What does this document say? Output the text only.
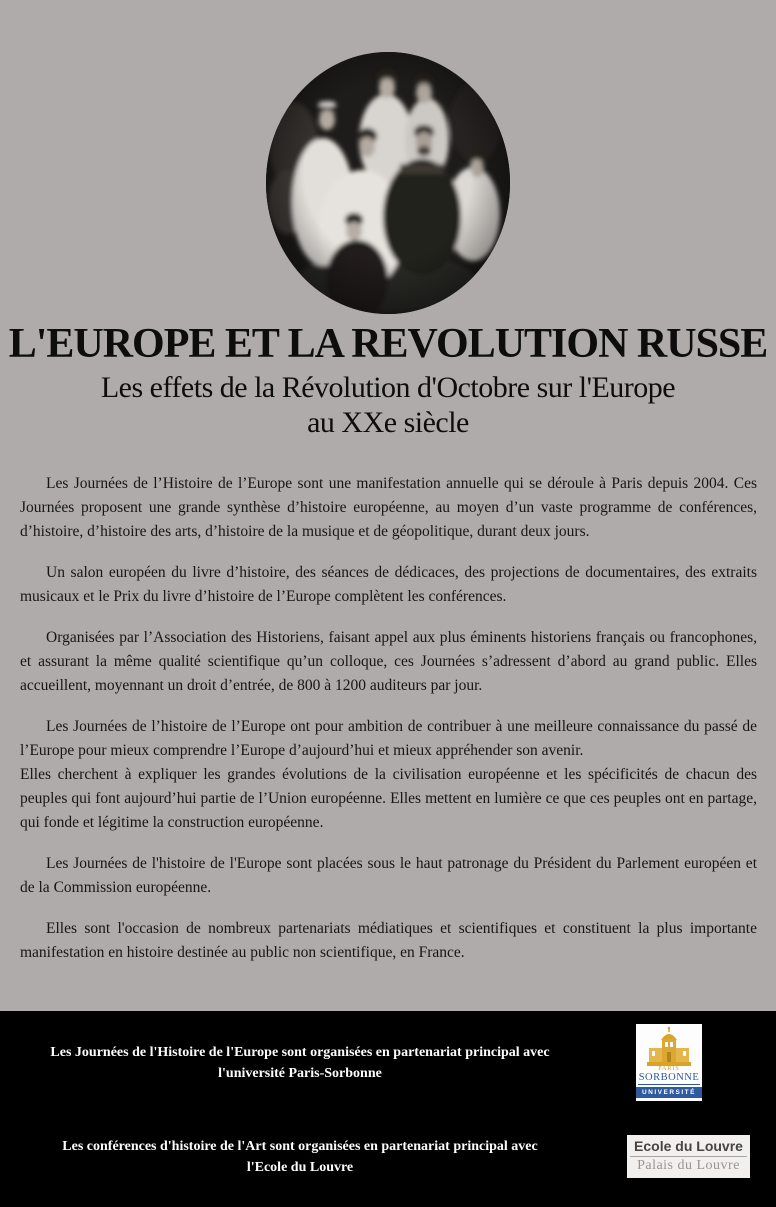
L'EUROPE ET LA REVOLUTION RUSSE
Les effets de la Révolution d'Octobre sur l'Europe
au XXe siècle

Les Journées de l’Histoire de l’Europe sont une manifestation annuelle qui se déroule à Paris depuis 2004. Ces Journées proposent une grande synthèse d’histoire européenne, au moyen d’un vaste programme de conférences, d’histoire, d’histoire des arts, d’histoire de la musique et de géopolitique, durant deux jours.

Un salon européen du livre d’histoire, des séances de dédicaces, des projections de documentaires, des extraits musicaux et le Prix du livre d’histoire de l’Europe complètent les conférences.

Organisées par l’Association des Historiens, faisant appel aux plus éminents historiens français ou francophones, et assurant la même qualité scientifique qu’un colloque, ces Journées s’adressent d’abord au grand public. Elles accueillent, moyennant un droit d’entrée, de 800 à 1200 auditeurs par jour.

Les Journées de l’histoire de l’Europe ont pour ambition de contribuer à une meilleure connaissance du passé de l’Europe pour mieux comprendre l’Europe d’aujourd’hui et mieux appréhender son avenir.

Elles cherchent à expliquer les grandes évolutions de la civilisation européenne et les spécificités de chacun des peuples qui font aujourd’hui partie de l’Union européenne. Elles mettent en lumière ce que ces peuples ont en partage, qui fonde et légitime la construction européenne.

Les Journées de l'histoire de l'Europe sont placées sous le haut patronage du Président du Parlement européen et de la Commission européenne.

Elles sont l'occasion de nombreux partenariats médiatiques et scientifiques et constituent la plus importante manifestation en histoire destinée au public non scientifique, en France.

Les Journées de l'Histoire de l'Europe sont organisées en partenariat principal avec
l'université Paris-Sorbonne	PARIS
SORBONNE
UNIVERSITÉ
Les conférences d'histoire de l'Art sont organisées en partenariat principal avec
l'Ecole du Louvre
Ecole du Louvre
Palais du Louvre
